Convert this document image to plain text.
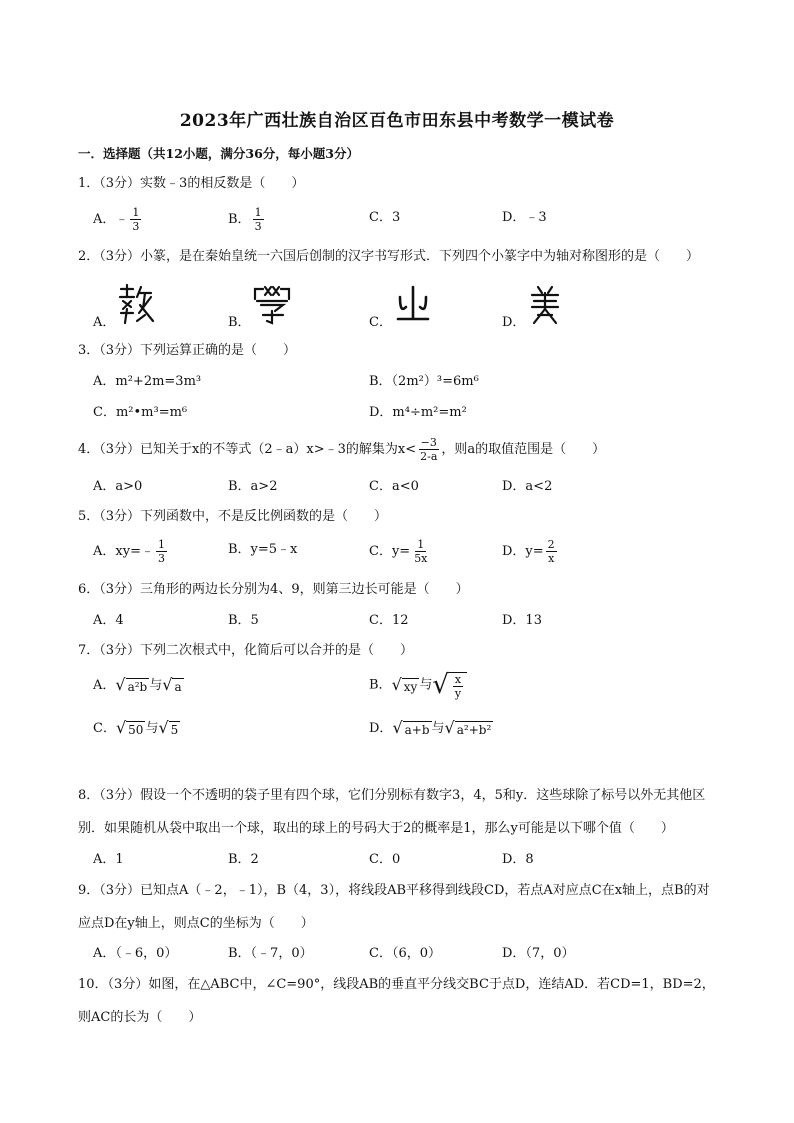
2023年广西壮族自治区百色市田东县中考数学一模试卷
一．选择题（共12小题，满分36分，每小题3分）
1．（3分）实数﹣3的相反数是（　　）
A．﹣ $\frac{1}{3}$	B． $\frac{1}{3}$	C．3	D．﹣3
2．（3分）小篆，是在秦始皇统一六国后创制的汉字书写形式．下列四个小篆字中为轴对称图形的是（　　）
A．	B．	C．	D．
3．（3分）下列运算正确的是（　　）
A．m²+2m=3m³	B．（2m²）³=6m⁶
C．m²•m³=m⁶	D．m⁴÷m²=m²
4．（3分）已知关于x的不等式（2﹣a）x>﹣3的解集为$x< \frac{-3}{2-a}$ ，则a的取值范围是（　　）
A．a>0	B．a>2	C．a<0	D．a<2
5．（3分）下列函数中，不是反比例函数的是（　　）
A．xy=﹣ $\frac{1}{3}$	B．y=5﹣x	C．$y= \frac{1}{5x}$	D．$y= \frac{2}{x}$
6．（3分）三角形的两边长分别为4、9，则第三边长可能是（　　）
A．4	B．5	C．12	D．13
7．（3分）下列二次根式中，化简后可以合并的是（　　）
A． √ a²b 与 √ a	B． √ xy 与 √ $\frac{x}{y}$
C． √ 50 与 √ 5	D． √ a+b 与 √ a²+b²
8．（3分）假设一个不透明的袋子里有四个球，它们分别标有数字3，4，5和y．这些球除了标号以外无其他区别．如果随机从袋中取出一个球，取出的球上的号码大于2的概率是1，那么y可能是以下哪个值（　　）
A．1	B．2	C．0	D．8
9．（3分）已知点A（﹣2，﹣1），B（4，3），将线段AB平移得到线段CD，若点A对应点C在x轴上，点B的对应点D在y轴上，则点C的坐标为（　　）
A．（﹣6，0）	B．（﹣7，0）	C．（6，0）	D．（7，0）
10．（3分）如图，在△ABC中，∠C=90°，线段AB的垂直平分线交BC于点D，连结AD．若CD=1，BD=2，则AC的长为（　　）
